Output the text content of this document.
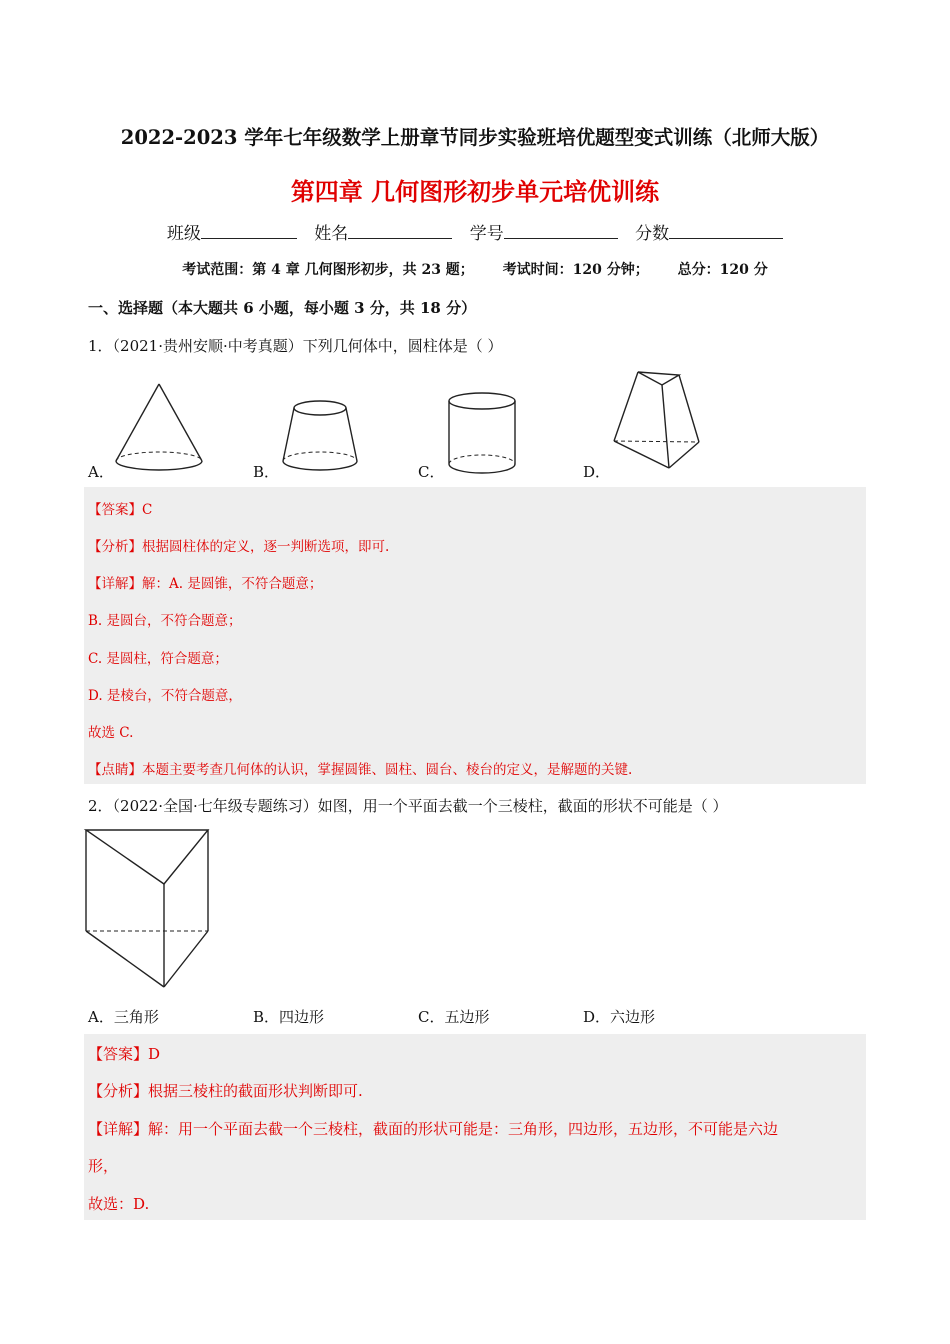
2022-2023 学年七年级数学上册章节同步实验班培优题型变式训练（北师大版）
第四章 几何图形初步单元培优训练
班级	姓名	学号	分数
考试范围：第 4 章 几何图形初步，共 23 题； 考试时间：120 分钟； 总分：120 分
一、选择题（本大题共 6 小题，每小题 3 分，共 18 分）
1．（2021·贵州安顺·中考真题）下列几何体中，圆柱体是（ ）
A．	B．	C．	D．
【答案】C
【分析】根据圆柱体的定义，逐一判断选项，即可.
【详解】解：A. 是圆锥，不符合题意；
B. 是圆台，不符合题意；
C. 是圆柱，符合题意；
D. 是棱台，不符合题意，
故选 C.
【点睛】本题主要考查几何体的认识，掌握圆锥、圆柱、圆台、棱台的定义，是解题的关键.
2．（2022·全国·七年级专题练习）如图，用一个平面去截一个三棱柱，截面的形状不可能是（ ）
A．三角形	B．四边形	C．五边形	D．六边形
【答案】D
【分析】根据三棱柱的截面形状判断即可.
【详解】解：用一个平面去截一个三棱柱，截面的形状可能是：三角形，四边形，五边形，不可能是六边
形，
故选：D.
